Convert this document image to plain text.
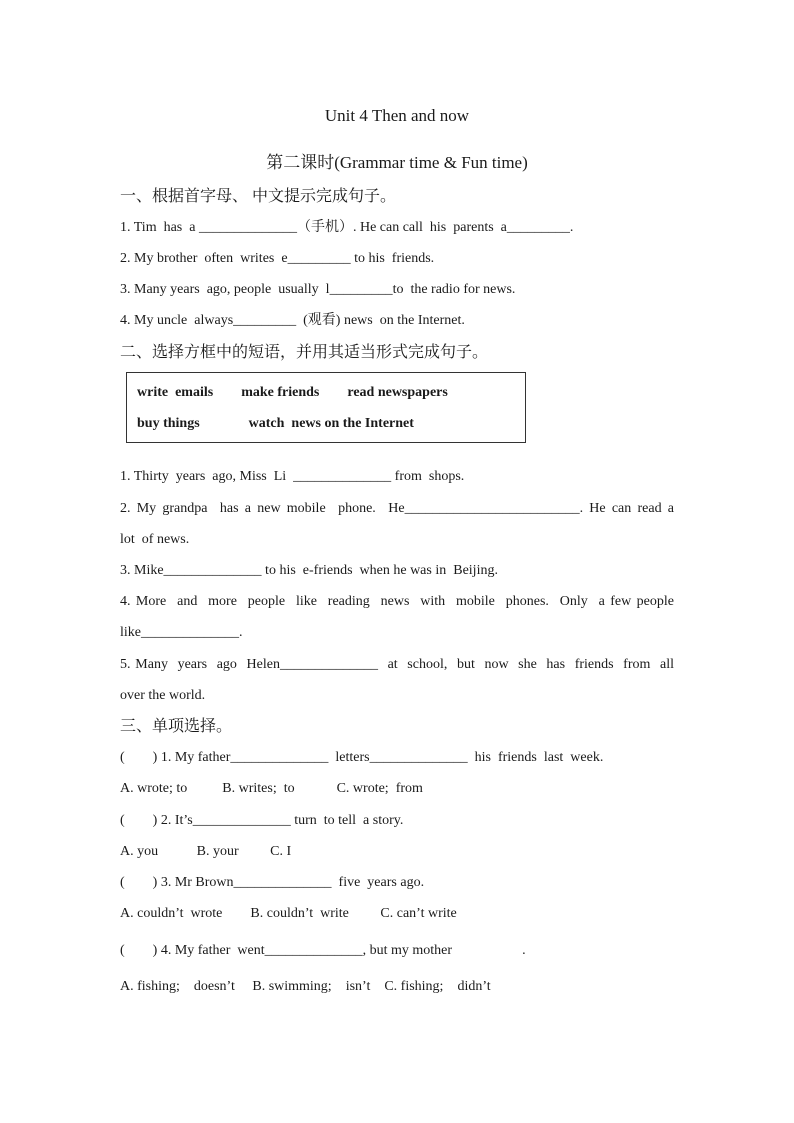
Unit 4 Then and now
第二课时(Grammar time & Fun time)
一、根据首字母、 中文提示完成句子。
1. Tim  has  a ______________（手机）. He can call  his  parents  a_________.
2. My brother  often  writes  e_________ to his  friends.
3. Many years  ago, people  usually  l_________to  the radio for news.
4. My uncle  always_________  (观看) news  on the Internet.
二、选择方框中的短语，并用其适当形式完成句子。
write  emails        make friends        read newspapers
buy things              watch  news on the Internet
1. Thirty  years  ago, Miss  Li  ______________ from  shops.
2. My grandpa  has a new mobile  phone.  He_________________________. He can read a
lot  of news.
3. Mike______________ to his  e-friends  when he was in  Beijing.
4. More  and  more  people  like  reading  news  with  mobile  phones.  Only  a few people
like______________.
5. Many  years  ago  Helen______________  at  school,  but  now  she  has  friends  from  all
over the world.
三、单项选择。
(        ) 1. My father______________  letters______________  his  friends  last  week.
A. wrote; to          B. writes;  to            C. wrote;  from
(        ) 2. It’s______________ turn  to tell  a story.
A. you           B. your         C. I
(        ) 3. Mr Brown______________  five  years ago.
A. couldn’t  wrote        B. couldn’t  write         C. can’t write
(        ) 4. My father  went______________, but my mother                    .
A. fishing;    doesn’t     B. swimming;    isn’t    C. fishing;    didn’t
